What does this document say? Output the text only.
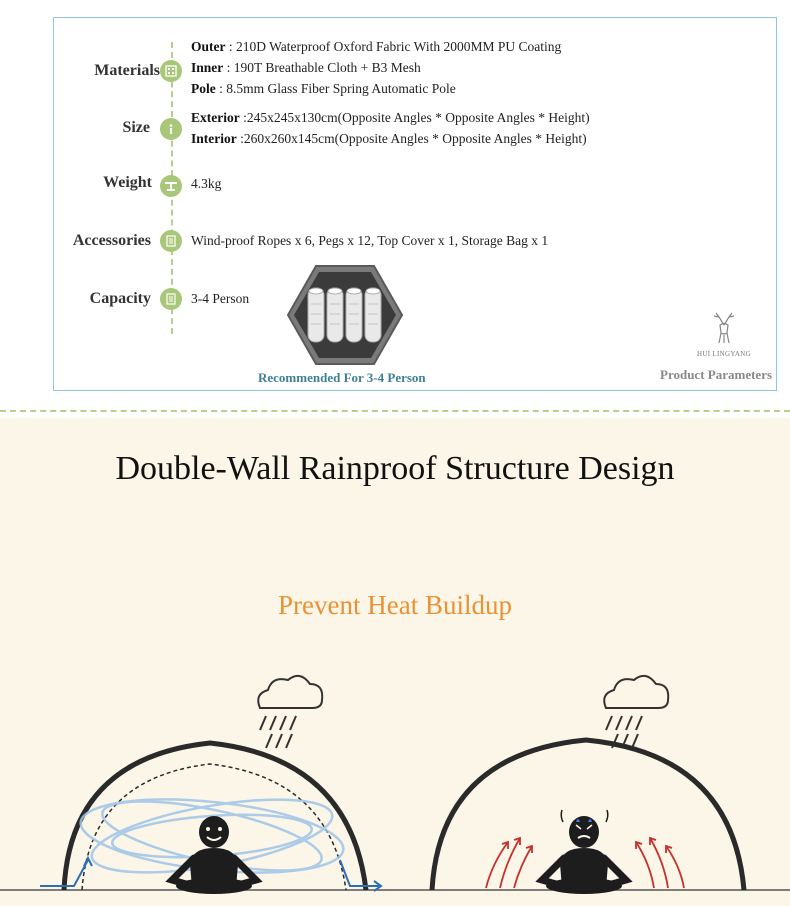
Materials
Outer : 210D Waterproof Oxford Fabric With 2000MM PU Coating
Inner : 190T Breathable Cloth + B3 Mesh
Pole : 8.5mm Glass Fiber Spring Automatic Pole
Size
Exterior :245x245x130cm(Opposite Angles * Opposite Angles * Height)
Interior :260x260x145cm(Opposite Angles * Opposite Angles * Height)
Weight	4.3kg
Accessories	Wind-proof Ropes x 6, Pegs x 12, Top Cover x 1, Storage Bag x 1
Capacity	3-4 Person
Recommended For 3-4 Person
HUI LINGYANG
Product Parameters
Double-Wall Rainproof Structure Design
Prevent Heat Buildup
